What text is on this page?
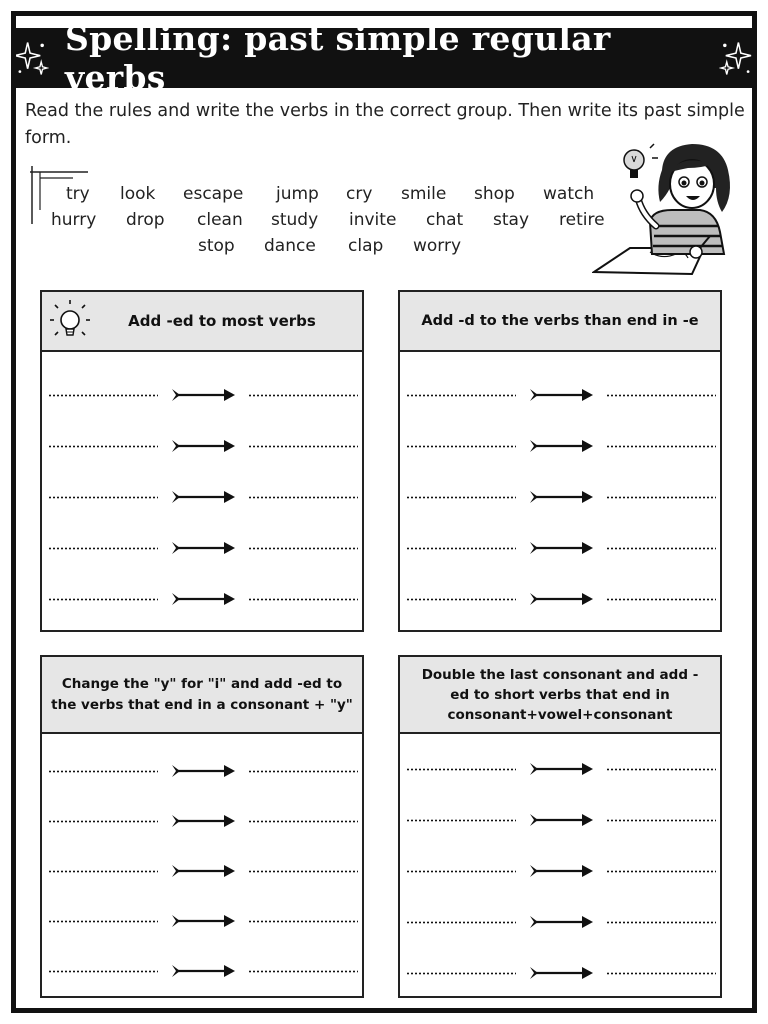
Spelling: past simple regular verbs

Read the rules and write the verbs in the correct group. Then write its past simple form.

try look escape jump cry smile shop watch
hurry drop clean study invite chat stay retire
stop dance clap worry
Add -ed to most verbs	Add -d to the verbs than end in -e
Change the "y" for "i" and add -ed to the verbs that end in a consonant + "y"
Double the last consonant and add -ed to short verbs that end in consonant+vowel+consonant
